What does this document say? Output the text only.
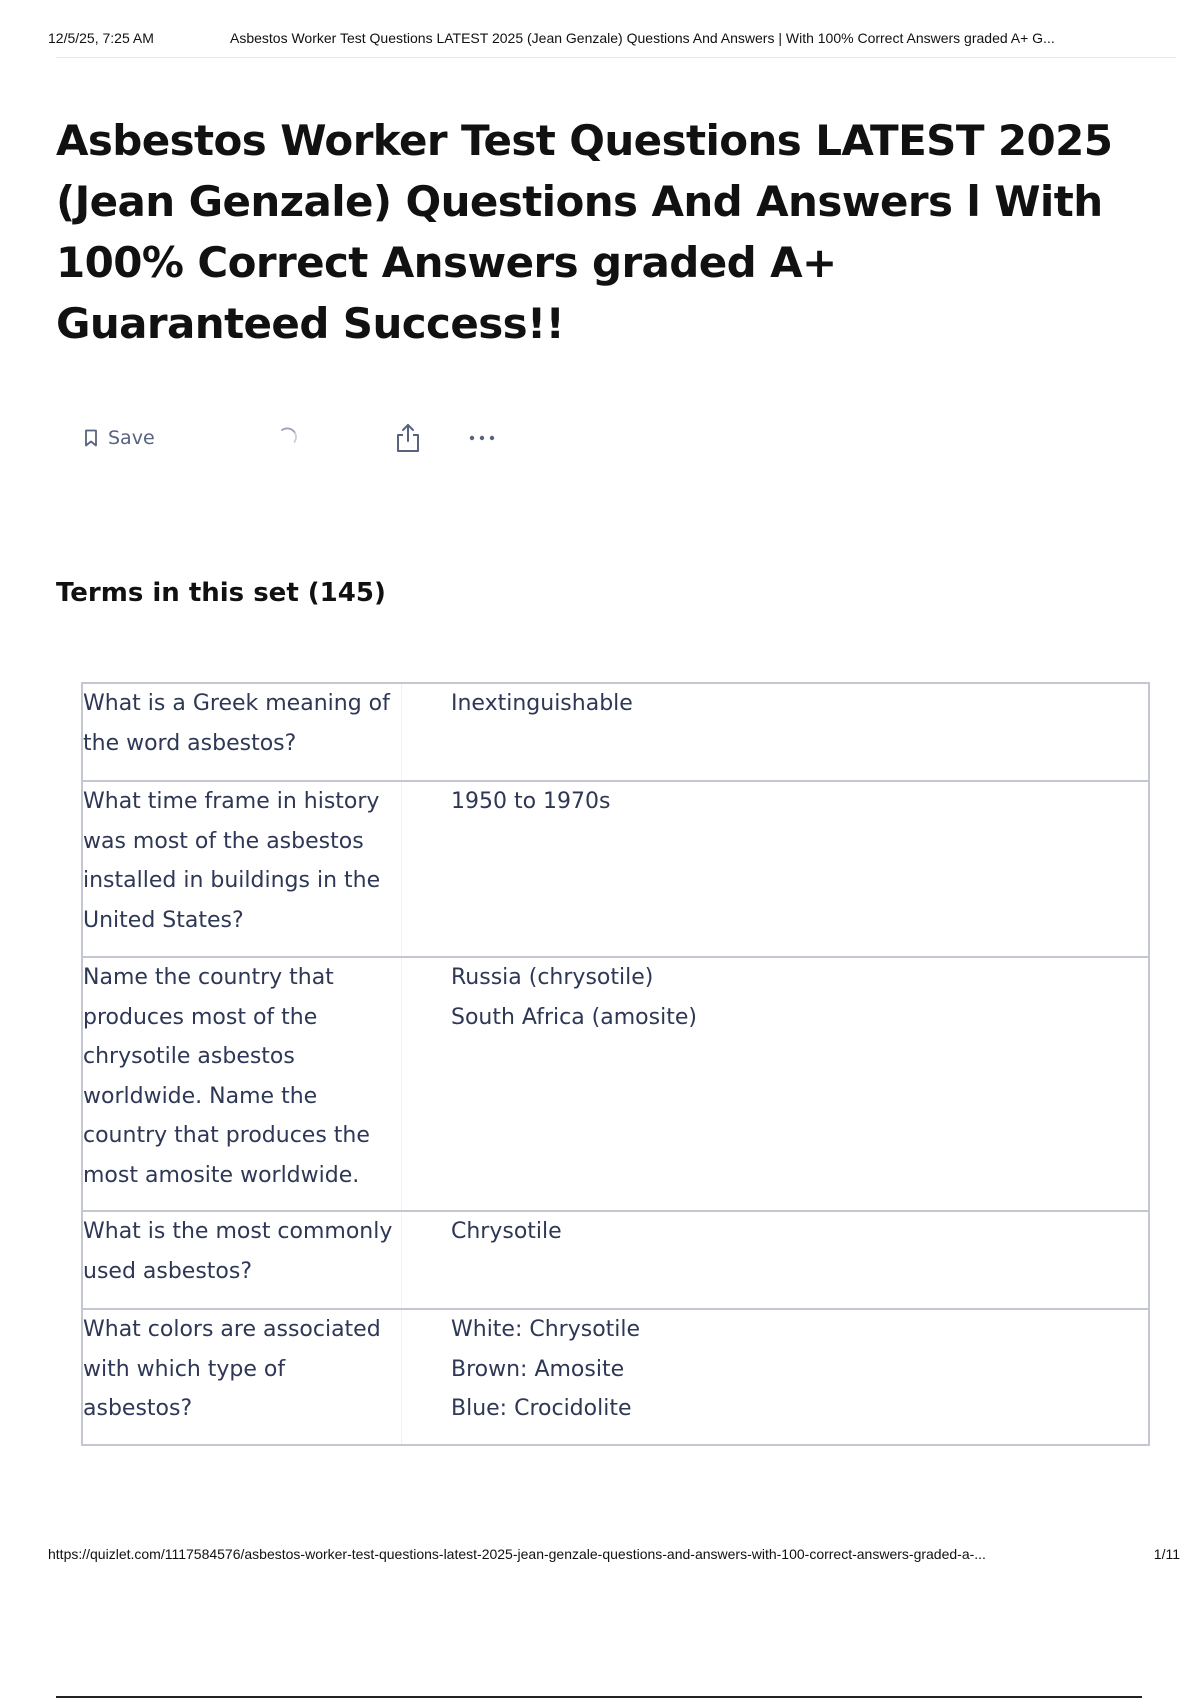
12/5/25, 7:25 AM	Asbestos Worker Test Questions LATEST 2025 (Jean Genzale) Questions And Answers | With 100% Correct Answers graded A+ G...
Asbestos Worker Test Questions LATEST 2025 (Jean Genzale) Questions And Answers l With 100% Correct Answers graded A+ Guaranteed Success!!
Save
Terms in this set (145)
What is a Greek meaning of the word asbestos?	Inextinguishable

What time frame in history was most of the asbestos installed in buildings in the United States?	1950 to 1970s

Name the country that produces most of the chrysotile asbestos worldwide. Name the country that produces the most amosite worldwide.	Russia (chrysotile)
South Africa (amosite)

What is the most commonly used asbestos?	Chrysotile

What colors are associated with which type of asbestos?	White: Chrysotile
Brown: Amosite
Blue: Crocidolite
https://quizlet.com/1117584576/asbestos-worker-test-questions-latest-2025-jean-genzale-questions-and-answers-with-100-correct-answers-graded-a-...	1/11
